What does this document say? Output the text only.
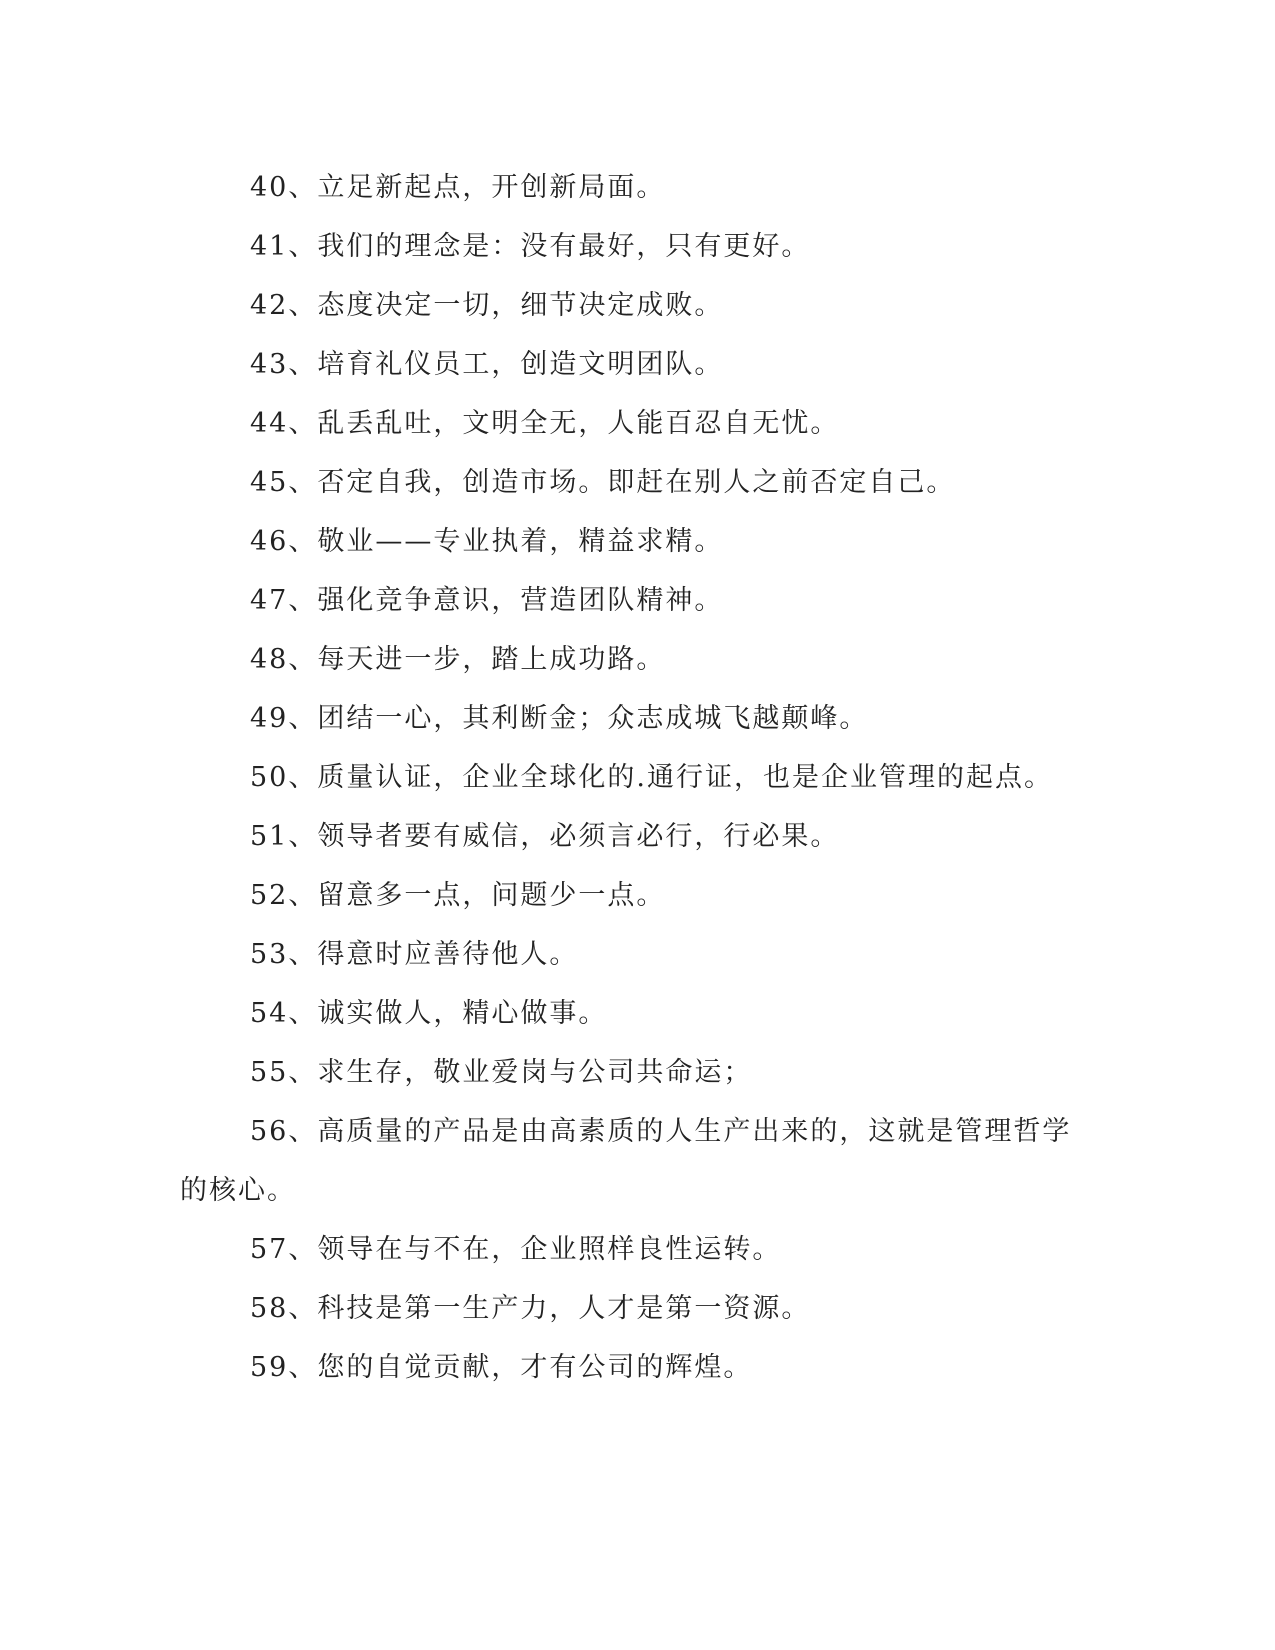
40、立足新起点，开创新局面。
41、我们的理念是：没有最好，只有更好。
42、态度决定一切，细节决定成败。
43、培育礼仪员工，创造文明团队。
44、乱丢乱吐，文明全无，人能百忍自无忧。
45、否定自我，创造市场。即赶在别人之前否定自己。
46、敬业——专业执着，精益求精。
47、强化竞争意识，营造团队精神。
48、每天进一步，踏上成功路。
49、团结一心，其利断金；众志成城飞越颠峰。
50、质量认证，企业全球化的.通行证，也是企业管理的起点。
51、领导者要有威信，必须言必行，行必果。
52、留意多一点，问题少一点。
53、得意时应善待他人。
54、诚实做人，精心做事。
55、求生存，敬业爱岗与公司共命运；
56、高质量的产品是由高素质的人生产出来的，这就是管理哲学
的核心。
57、领导在与不在，企业照样良性运转。
58、科技是第一生产力，人才是第一资源。
59、您的自觉贡献，才有公司的辉煌。
